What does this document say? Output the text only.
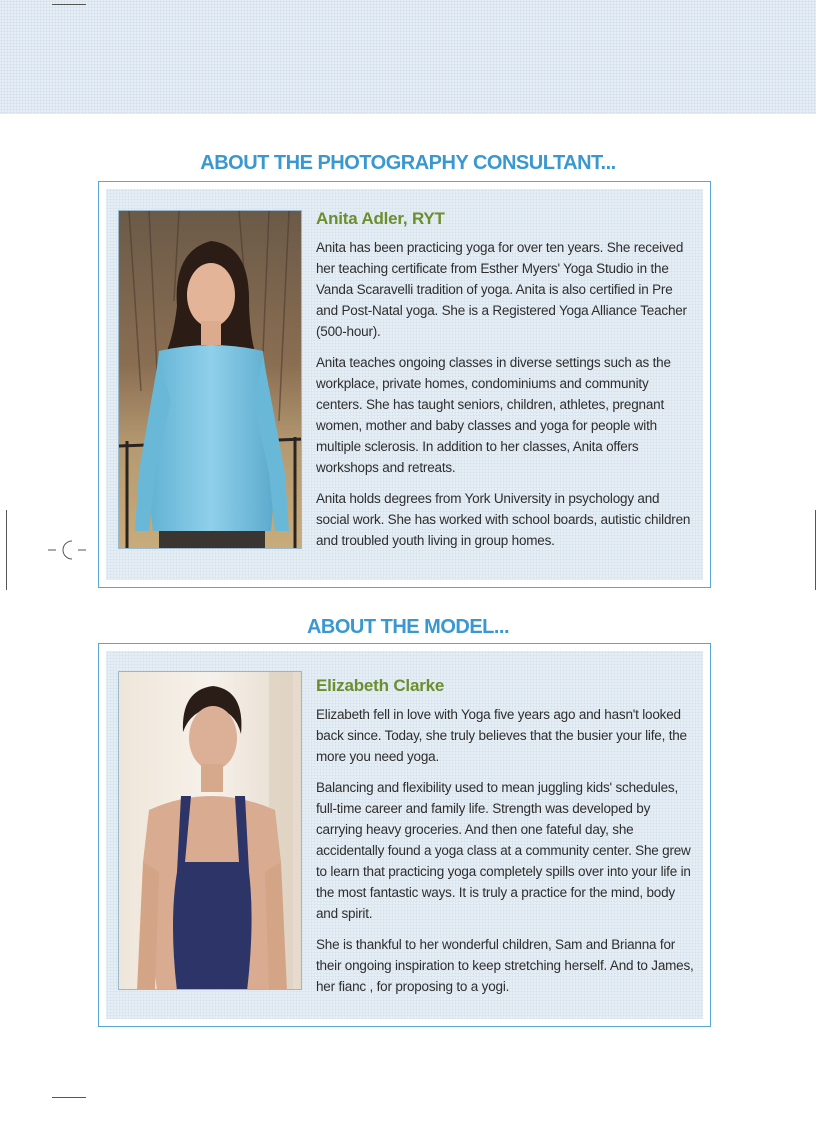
ABOUT THE PHOTOGRAPHY CONSULTANT...
Anita Adler, RYT

Anita has been practicing yoga for over ten years. She received her teaching certificate from Esther Myers' Yoga Studio in the Vanda Scaravelli tradition of yoga. Anita is also certified in Pre and Post-Natal yoga. She is a Registered Yoga Alliance Teacher (500-hour).

Anita teaches ongoing classes in diverse settings such as the workplace, private homes, condominiums and community centers. She has taught seniors, children, athletes, pregnant women, mother and baby classes and yoga for people with multiple sclerosis. In addition to her classes, Anita offers workshops and retreats.

Anita holds degrees from York University in psychology and social work. She has worked with school boards, autistic children and troubled youth living in group homes.

ABOUT THE MODEL...
Elizabeth Clarke

Elizabeth fell in love with Yoga five years ago and hasn't looked back since. Today, she truly believes that the busier your life, the more you need yoga.

Balancing and flexibility used to mean juggling kids' schedules, full-time career and family life. Strength was developed by carrying heavy groceries. And then one fateful day, she accidentally found a yoga class at a community center. She grew to learn that practicing yoga completely spills over into your life in the most fantastic ways. It is truly a practice for the mind, body and spirit.

She is thankful to her wonderful children, Sam and Brianna for their ongoing inspiration to keep stretching herself. And to James, her fianc , for proposing to a yogi.
